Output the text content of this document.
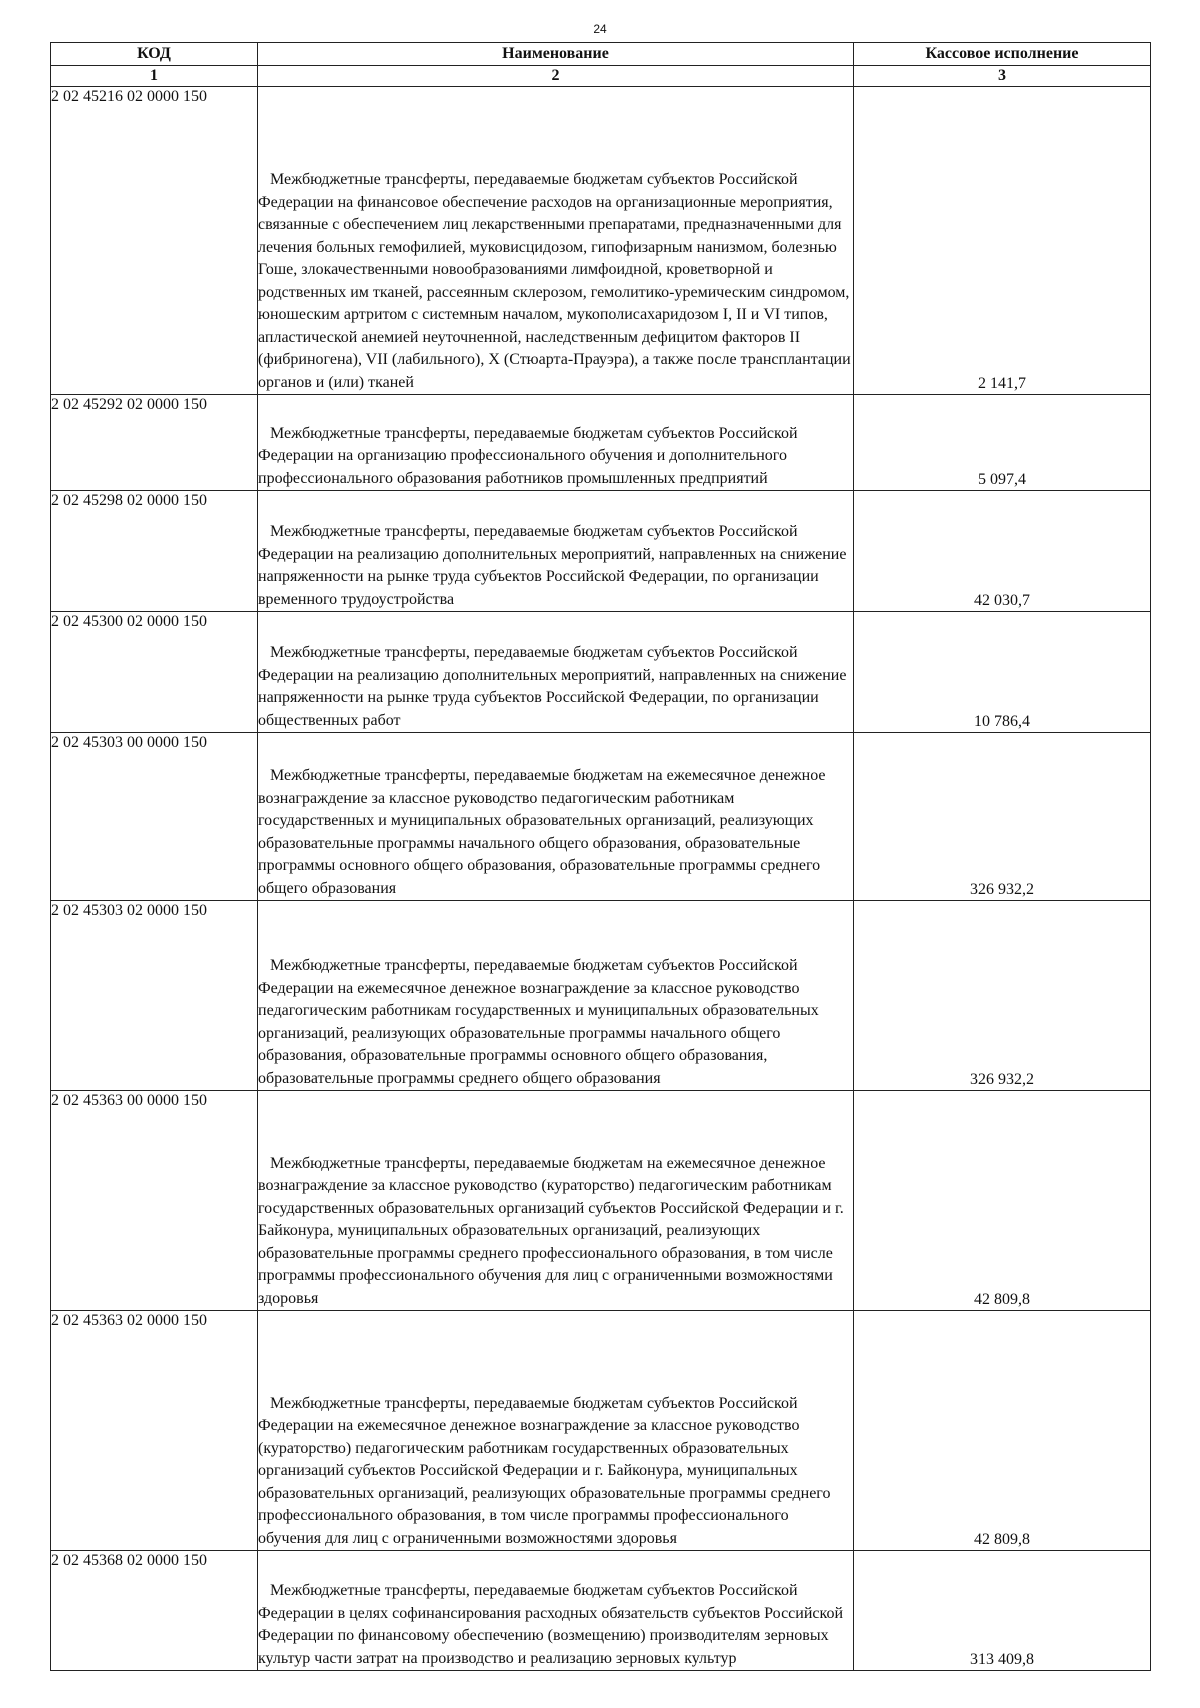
24
КОД	Наименование	Кассовое исполнение
1	2	3
2 02 45216 02 0000 150	Межбюджетные трансферты, передаваемые бюджетам субъектов Российской Федерации на финансовое обеспечение расходов на организационные мероприятия, связанные с обеспечением лиц лекарственными препаратами, предназначенными для лечения больных гемофилией, муковисцидозом, гипофизарным нанизмом, болезнью Гоше, злокачественными новообразованиями лимфоидной, кроветворной и родственных им тканей, рассеянным склерозом, гемолитико-уремическим синдромом, юношеским артритом с системным началом, мукополисахаридозом I, II и VI типов, апластической анемией неуточненной, наследственным дефицитом факторов II (фибриногена), VII (лабильного), X (Стюарта-Прауэра), а также после трансплантации органов и (или) тканей	2 141,7
2 02 45292 02 0000 150	Межбюджетные трансферты, передаваемые бюджетам субъектов Российской Федерации на организацию профессионального обучения и дополнительного профессионального образования работников промышленных предприятий	5 097,4
2 02 45298 02 0000 150	Межбюджетные трансферты, передаваемые бюджетам субъектов Российской Федерации на реализацию дополнительных мероприятий, направленных на снижение напряженности на рынке труда субъектов Российской Федерации, по организации временного трудоустройства	42 030,7
2 02 45300 02 0000 150	Межбюджетные трансферты, передаваемые бюджетам субъектов Российской Федерации на реализацию дополнительных мероприятий, направленных на снижение напряженности на рынке труда субъектов Российской Федерации, по организации общественных работ	10 786,4
2 02 45303 00 0000 150	Межбюджетные трансферты, передаваемые бюджетам на ежемесячное денежное вознаграждение за классное руководство педагогическим работникам государственных и муниципальных образовательных организаций, реализующих образовательные программы начального общего образования, образовательные программы основного общего образования, образовательные программы среднего общего образования	326 932,2
2 02 45303 02 0000 150	Межбюджетные трансферты, передаваемые бюджетам субъектов Российской Федерации на ежемесячное денежное вознаграждение за классное руководство педагогическим работникам государственных и муниципальных образовательных организаций, реализующих образовательные программы начального общего образования, образовательные программы основного общего образования, образовательные программы среднего общего образования	326 932,2
2 02 45363 00 0000 150	Межбюджетные трансферты, передаваемые бюджетам на ежемесячное денежное вознаграждение за классное руководство (кураторство) педагогическим работникам государственных образовательных организаций субъектов Российской Федерации и г. Байконура, муниципальных образовательных организаций, реализующих образовательные программы среднего профессионального образования, в том числе программы профессионального обучения для лиц с ограниченными возможностями здоровья	42 809,8
2 02 45363 02 0000 150	Межбюджетные трансферты, передаваемые бюджетам субъектов Российской Федерации на ежемесячное денежное вознаграждение за классное руководство (кураторство) педагогическим работникам государственных образовательных организаций субъектов Российской Федерации и г. Байконура, муниципальных образовательных организаций, реализующих образовательные программы среднего профессионального образования, в том числе программы профессионального обучения для лиц с ограниченными возможностями здоровья	42 809,8
2 02 45368 02 0000 150	Межбюджетные трансферты, передаваемые бюджетам субъектов Российской Федерации в целях софинансирования расходных обязательств субъектов Российской Федерации по финансовому обеспечению (возмещению) производителям зерновых культур части затрат на производство и реализацию зерновых культур	313 409,8
